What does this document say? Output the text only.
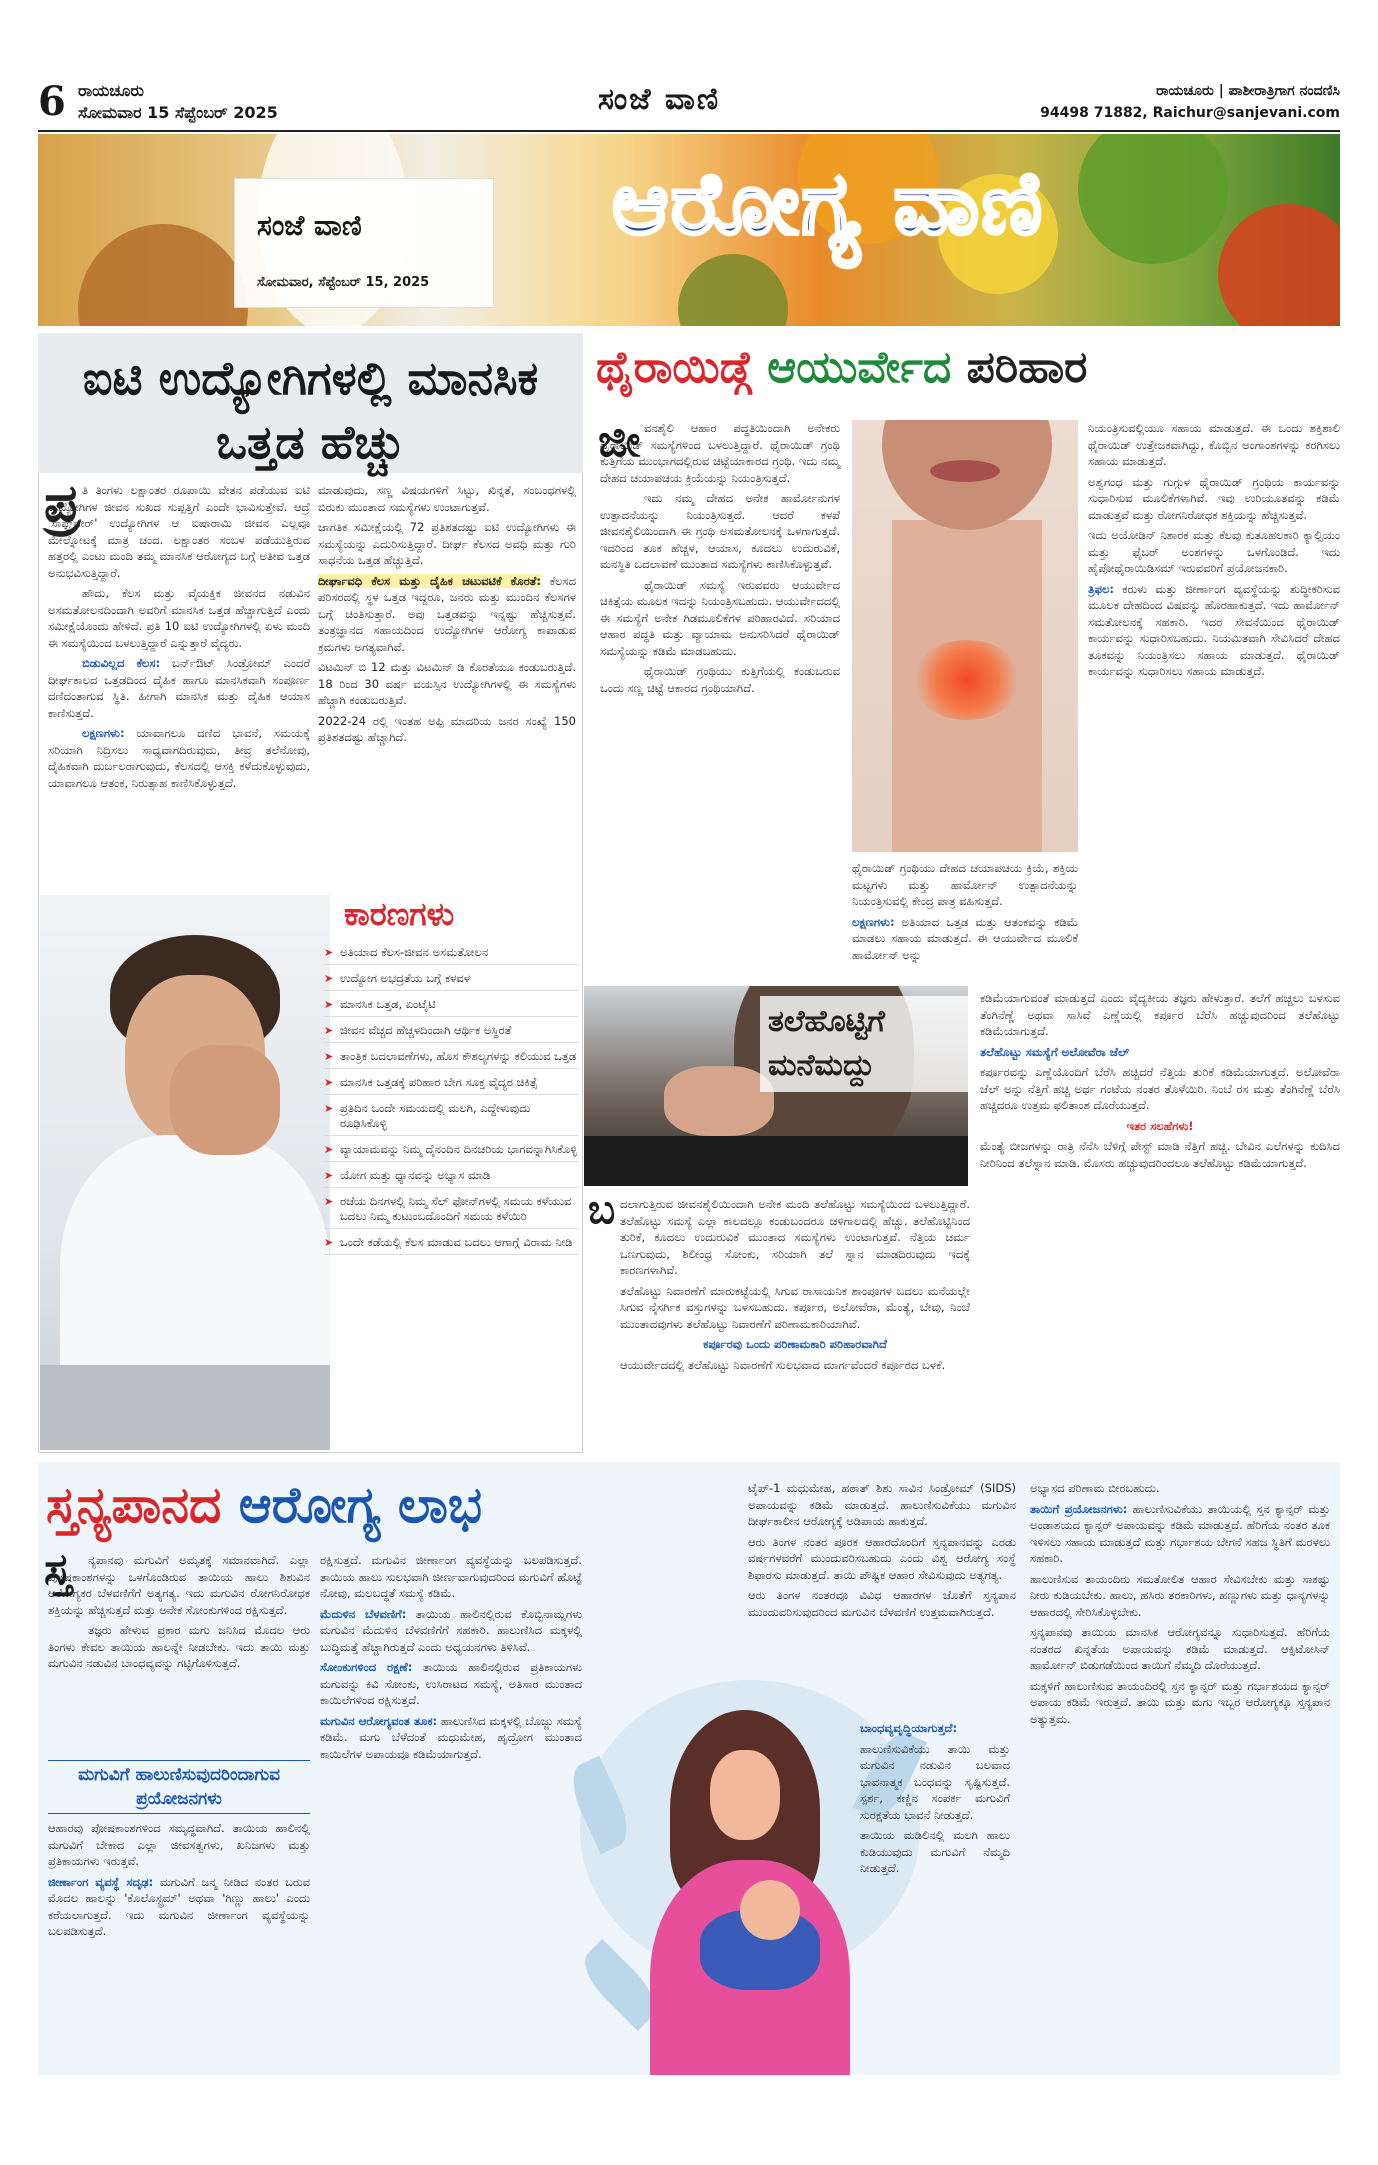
6 ರಾಯಚೂರು
ಸೋಮವಾರ 15 ಸೆಪ್ಟೆಂಬರ್ 2025	ಸಂಜೆ ವಾಣಿ	ರಾಯಚೂರು | ಪಾಶೀರಾತ್ರಿಗಾಗ ನಂದಣಿಸಿ
94498 71882, Raichur@sanjevani.com
ಸಂಜೆ ವಾಣಿ
ಸೋಮವಾರ, ಸೆಪ್ಟೆಂಬರ್ 15, 2025
ಆರೋಗ್ಯ ವಾಣಿ
ಐಟಿ ಉದ್ಯೋಗಿಗಳಲ್ಲಿ ಮಾನಸಿಕ ಒತ್ತಡ ಹೆಚ್ಚು
ಪ್ರ ತಿ ತಿಂಗಳು ಲಕ್ಷಾಂತರ ರೂಪಾಯಿ ವೇತನ ಪಡೆಯುವ ಐಟಿ ಉದ್ಯೋಗಿಗಳ ಜೀವನ ಸುಖದ ಸುಪ್ಪತ್ತಿಗೆ ಎಂದೇ ಭಾವಿಸುತ್ತೇವೆ. ಆದ್ರೆ 'ಸಾಫ್ಟ್‌ವೇರ್' ಉದ್ಯೋಗಿಗಳ ಆ ಐಷಾರಾಮಿ ಜೀವನ ಎಲ್ಲವೂ ಮೇಲ್ನೋಟಕ್ಕೆ ಮಾತ್ರ ಚಂದ. ಲಕ್ಷಾಂತರ ಸಂಬಳ ಪಡೆಯುತ್ತಿರುವ ಹತ್ತರಲ್ಲಿ ಎಂಟು ಮಂದಿ ತಮ್ಮ ಮಾನಸಿಕ ಆರೋಗ್ಯದ ಬಗ್ಗೆ ಅತೀವ ಒತ್ತಡ ಅನುಭವಿಸುತ್ತಿದ್ದಾರೆ.

ಹೌದು, ಕೆಲಸ ಮತ್ತು ವೈಯಕ್ತಿಕ ಜೀವನದ ನಡುವಿನ ಅಸಮತೋಲನದಿಂದಾಗಿ ಅವರಿಗೆ ಮಾನಸಿಕ ಒತ್ತಡ ಹೆಚ್ಚಾಗುತ್ತಿದೆ ಎಂದು ಸಮೀಕ್ಷೆಯೊಂದು ಹೇಳಿದೆ. ಪ್ರತಿ 10 ಐಟಿ ಉದ್ಯೋಗಿಗಳಲ್ಲಿ ಏಳು ಮಂದಿ ಈ ಸಮಸ್ಯೆಯಿಂದ ಬಳಲುತ್ತಿದ್ದಾರೆ ಎನ್ನುತ್ತಾರೆ ವೈದ್ಯರು.

ಬಿಡುವಿಲ್ಲದ ಕೆಲಸ: ಬರ್ನ್‌ಔಟ್ ಸಿಂಡ್ರೋಮ್ ಎಂದರೆ ದೀರ್ಘಕಾಲದ ಒತ್ತಡದಿಂದ ದೈಹಿಕ ಹಾಗೂ ಮಾನಸಿಕವಾಗಿ ಸಂಪೂರ್ಣ ದಣಿದಂತಾಗುವ ಸ್ಥಿತಿ. ಹೀಗಾಗಿ ಮಾನಸಿಕ ಮತ್ತು ದೈಹಿಕ ಆಯಾಸ ಕಾಣಿಸುತ್ತದೆ.

ಲಕ್ಷಣಗಳು: ಯಾವಾಗಲೂ ದಣಿದ ಭಾವನೆ, ಸಮಯಕ್ಕೆ ಸರಿಯಾಗಿ ನಿದ್ರಿಸಲು ಸಾಧ್ಯವಾಗದಿರುವುದು, ತೀವ್ರ ತಲೆನೋವು, ದೈಹಿಕವಾಗಿ ದುರ್ಬಲರಾಗುವುದು, ಕೆಲಸದಲ್ಲಿ ಆಸಕ್ತಿ ಕಳೆದುಕೊಳ್ಳುವುದು, ಯಾವಾಗಲೂ ಆತಂಕ, ನಿರುತ್ಸಾಹ ಕಾಣಿಸಿಕೊಳ್ಳುತ್ತದೆ.

ಮಾಡುವುದು, ಸಣ್ಣ ವಿಷಯಗಳಿಗೆ ಸಿಟ್ಟು, ಖಿನ್ನತೆ, ಸಂಬಂಧಗಳಲ್ಲಿ ಬಿರುಕು ಮುಂತಾದ ಸಮಸ್ಯೆಗಳು ಉಂಟಾಗುತ್ತವೆ.

ಜಾಗತಿಕ ಸಮೀಕ್ಷೆಯಲ್ಲಿ 72 ಪ್ರತಿಶತದಷ್ಟು ಐಟಿ ಉದ್ಯೋಗಿಗಳು ಈ ಸಮಸ್ಯೆಯನ್ನು ಎದುರಿಸುತ್ತಿದ್ದಾರೆ. ದೀರ್ಘ ಕೆಲಸದ ಅವಧಿ ಮತ್ತು ಗುರಿ ಸಾಧನೆಯ ಒತ್ತಡ ಹೆಚ್ಚುತ್ತಿದೆ.

ದೀರ್ಘಾವಧಿ ಕೆಲಸ ಮತ್ತು ದೈಹಿಕ ಚಟುವಟಿಕೆ ಕೊರತೆ: ಕೆಲಸದ ಪರಿಸರದಲ್ಲಿ ಸ್ಥಳ ಒತ್ತಡ ಇದ್ದರೂ, ಜನರು ಮತ್ತು ಮುಂದಿನ ಕೆಲಸಗಳ ಬಗ್ಗೆ ಚಿಂತಿಸುತ್ತಾರೆ. ಅವು ಒತ್ತಡವನ್ನು ಇನ್ನಷ್ಟು ಹೆಚ್ಚಿಸುತ್ತವೆ. ತಂತ್ರಜ್ಞಾನದ ಸಹಾಯದಿಂದ ಉದ್ಯೋಗಿಗಳ ಆರೋಗ್ಯ ಕಾಪಾಡುವ ಕ್ರಮಗಳು ಅಗತ್ಯವಾಗಿವೆ.

ವಿಟಮಿನ್ ಬಿ 12 ಮತ್ತು ವಿಟಮಿನ್ ಡಿ ಕೊರತೆಯೂ ಕಂಡುಬರುತ್ತಿದೆ. 18 ರಿಂದ 30 ವರ್ಷ ವಯಸ್ಸಿನ ಉದ್ಯೋಗಿಗಳಲ್ಲಿ ಈ ಸಮಸ್ಯೆಗಳು ಹೆಚ್ಚಾಗಿ ಕಂಡುಬರುತ್ತಿವೆ.

2022-24 ರಲ್ಲಿ ಇಂತಹ ಅಪ್ಪಿ ಮಾದರಿಯ ಜನರ ಸಂಖ್ಯೆ 150 ಪ್ರತಿಶತದಷ್ಟು ಹೆಚ್ಚಾಗಿದೆ.

ಕಾರಣಗಳು
➤ ಅತಿಯಾದ ಕೆಲಸ-ಜೀವನ ಅಸಮತೋಲನ
➤ ಉದ್ಯೋಗ ಅಭದ್ರತೆಯ ಬಗ್ಗೆ ಕಳವಳ
➤ ಮಾನಸಿಕ ಒತ್ತಡ, ಏಂಟೈಟಿ
➤ ಜೀವನ ವೆಚ್ಚದ ಹೆಚ್ಚಳದಿಂದಾಗಿ ಆರ್ಥಿಕ ಅಸ್ಥಿರತೆ
➤ ತಾಂತ್ರಿಕ ಬದಲಾವಣೆಗಳು, ಹೊಸ ಕೌಶಲ್ಯಗಳನ್ನು ಕಲಿಯುವ ಒತ್ತಡ
➤ ಮಾನಸಿಕ ಒತ್ತಡಕ್ಕೆ ಪರಿಹಾರ ಬೇಗ ಸೂಕ್ತ ವೈದ್ಯರ ಚಿಕಿತ್ಸೆ
➤ ಪ್ರತಿದಿನ ಒಂದೇ ಸಮಯದಲ್ಲಿ ಮಲಗಿ, ಎದ್ದೇಳುವುದು ರೂಢಿಸಿಕೊಳ್ಳಿ
➤ ವ್ಯಾಯಾಮವನ್ನು ನಿಮ್ಮ ದೈನಂದಿನ ದಿನಚರಿಯ ಭಾಗವನ್ನಾಗಿಸಿಕೊಳ್ಳಿ
➤ ಯೋಗ ಮತ್ತು ಧ್ಯಾನವನ್ನು ಅಭ್ಯಾಸ ಮಾಡಿ
➤ ರಜೆಯ ದಿನಗಳಲ್ಲಿ ನಿಮ್ಮ ಸೆಲ್ ಫೋನ್‌ಗಳಲ್ಲಿ ಸಮಯ ಕಳೆಯುವ ಬದಲು ನಿಮ್ಮ ಕುಟುಂಬದೊಂದಿಗೆ ಸಮಯ ಕಳೆಯಿರಿ
➤ ಒಂದೇ ಕಡೆಯಲ್ಲಿ ಕೆಲಸ ಮಾಡುವ ಬದಲು ಆಗಾಗ್ಗೆ ವಿರಾಮ ನೀಡಿ
ಥೈರಾಯಿಡ್ಗೆ ಆಯುರ್ವೇದ ಪರಿಹಾರ
ಜೀ ವನಶೈಲಿ ಆಹಾರ ಪದ್ಧತಿಯಿಂದಾಗಿ ಅನೇಕರು ಥೈರಾಯಿಡ್ ಸಮಸ್ಯೆಗಳಿಂದ ಬಳಲುತ್ತಿದ್ದಾರೆ. ಥೈರಾಯಿಡ್ ಗ್ರಂಥಿ ಕುತ್ತಿಗೆಯ ಮುಂಭಾಗದಲ್ಲಿರುವ ಚಿಟ್ಟೆಯಾಕಾರದ ಗ್ರಂಥಿ. ಇದು ನಮ್ಮ ದೇಹದ ಚಯಾಪಚಯ ಕ್ರಿಯೆಯನ್ನು ನಿಯಂತ್ರಿಸುತ್ತದೆ.

ಇದು ನಮ್ಮ ದೇಹದ ಅನೇಕ ಹಾರ್ಮೋನುಗಳ ಉತ್ಪಾದನೆಯನ್ನು ನಿಯಂತ್ರಿಸುತ್ತದೆ. ಆದರೆ ಕಳಪೆ ಜೀವನಶೈಲಿಯಿಂದಾಗಿ ಈ ಗ್ರಂಥಿ ಅಸಮತೋಲನಕ್ಕೆ ಒಳಗಾಗುತ್ತದೆ. ಇದರಿಂದ ತೂಕ ಹೆಚ್ಚಳ, ಆಯಾಸ, ಕೂದಲು ಉದುರುವಿಕೆ, ಮನಸ್ಥಿತಿ ಬದಲಾವಣೆ ಮುಂತಾದ ಸಮಸ್ಯೆಗಳು ಕಾಣಿಸಿಕೊಳ್ಳುತ್ತವೆ.

ಥೈರಾಯಿಡ್ ಸಮಸ್ಯೆ ಇರುವವರು ಆಯುರ್ವೇದ ಚಿಕಿತ್ಸೆಯ ಮೂಲಕ ಇದನ್ನು ನಿಯಂತ್ರಿಸಬಹುದು. ಆಯುರ್ವೇದದಲ್ಲಿ ಈ ಸಮಸ್ಯೆಗೆ ಅನೇಕ ಗಿಡಮೂಲಿಕೆಗಳ ಪರಿಹಾರವಿದೆ. ಸರಿಯಾದ ಆಹಾರ ಪದ್ಧತಿ ಮತ್ತು ವ್ಯಾಯಾಮ ಅನುಸರಿಸಿದರೆ ಥೈರಾಯಿಡ್ ಸಮಸ್ಯೆಯನ್ನು ಕಡಿಮೆ ಮಾಡಬಹುದು.

ಥೈರಾಯಿಡ್ ಗ್ರಂಥಿಯು ಕುತ್ತಿಗೆಯಲ್ಲಿ ಕಂಡುಬರುವ ಒಂದು ಸಣ್ಣ ಚಿಟ್ಟೆ ಆಕಾರದ ಗ್ರಂಥಿಯಾಗಿದೆ.

ಥೈರಾಯಿಡ್ ಗ್ರಂಥಿಯು ದೇಹದ ಚಯಾಪಚಯ ಕ್ರಿಯೆ, ಶಕ್ತಿಯ ಮಟ್ಟಗಳು ಮತ್ತು ಹಾರ್ಮೋನ್ ಉತ್ಪಾದನೆಯನ್ನು ನಿಯಂತ್ರಿಸುವಲ್ಲಿ ಕೇಂದ್ರ ಪಾತ್ರ ವಹಿಸುತ್ತದೆ.

ಲಕ್ಷಣಗಳು: ಅತಿಯಾದ ಒತ್ತಡ ಮತ್ತು ಆತಂಕವನ್ನು ಕಡಿಮೆ ಮಾಡಲು ಸಹಾಯ ಮಾಡುತ್ತದೆ. ಈ ಆಯುರ್ವೇದ ಮೂಲಿಕೆ ಹಾರ್ಮೋನ್ ಅನ್ನು

ನಿಯಂತ್ರಿಸುವಲ್ಲಿಯೂ ಸಹಾಯ ಮಾಡುತ್ತದೆ. ಈ ಒಂದು ಶಕ್ತಿಶಾಲಿ ಥೈರಾಯಿಡ್ ಉತ್ತೇಜಕವಾಗಿದ್ದು, ಕೊಬ್ಬಿನ ಅಂಗಾಂಶಗಳನ್ನು ಕರಗಿಸಲು ಸಹಾಯ ಮಾಡುತ್ತದೆ.

ಅಶ್ವಗಂಧ ಮತ್ತು ಗುಗ್ಗುಳ ಥೈರಾಯಿಡ್ ಗ್ರಂಥಿಯ ಕಾರ್ಯವನ್ನು ಸುಧಾರಿಸುವ ಮೂಲಿಕೆಗಳಾಗಿವೆ. ಇವು ಉರಿಯೂತವನ್ನು ಕಡಿಮೆ ಮಾಡುತ್ತವೆ ಮತ್ತು ರೋಗನಿರೋಧಕ ಶಕ್ತಿಯನ್ನು ಹೆಚ್ಚಿಸುತ್ತವೆ.

ಇದು ಅಯೋಡಿನ್ ನಿಶಾರಕ ಮತ್ತು ಕೆಲವು ಕುತೂಹಲಕಾರಿ ಕ್ಯಾಲ್ಸಿಯಂ ಮತ್ತು ಫೈಬರ್ ಅಂಶಗಳನ್ನು ಒಳಗೊಂಡಿದೆ. ಇದು ಹೈಪೋಥೈರಾಯಿಡಿಸಮ್ ಇರುವವರಿಗೆ ಪ್ರಯೋಜನಕಾರಿ.

ತ್ರಿಫಲ: ಕರುಳು ಮತ್ತು ಜೀರ್ಣಾಂಗ ವ್ಯವಸ್ಥೆಯನ್ನು ಶುದ್ಧೀಕರಿಸುವ ಮೂಲಕ ದೇಹದಿಂದ ವಿಷವನ್ನು ಹೊರಹಾಕುತ್ತದೆ. ಇದು ಹಾರ್ಮೋನ್ ಸಮತೋಲನಕ್ಕೆ ಸಹಕಾರಿ. ಇದರ ಸೇವನೆಯಿಂದ ಥೈರಾಯಿಡ್ ಕಾರ್ಯವನ್ನು ಸುಧಾರಿಸಬಹುದು. ನಿಯಮಿತವಾಗಿ ಸೇವಿಸಿದರೆ ದೇಹದ ತೂಕವನ್ನು ನಿಯಂತ್ರಿಸಲು ಸಹಾಯ ಮಾಡುತ್ತದೆ. ಥೈರಾಯಿಡ್ ಕಾರ್ಯವನ್ನು ಸುಧಾರಿಸಲು ಸಹಾಯ ಮಾಡುತ್ತದೆ.

ತಲೆಹೊಟ್ಟಿಗೆ ಮನೆಮದ್ದು

ಕಡಿಮೆಯಾಗುವಂತೆ ಮಾಡುತ್ತದೆ ಎಂದು ವೈದ್ಯಕೀಯ ತಜ್ಞರು ಹೇಳುತ್ತಾರೆ. ತಲೆಗೆ ಹಚ್ಚಲು ಬಳಸುವ ತೆಂಗಿನೆಣ್ಣೆ ಅಥವಾ ಸಾಸಿವೆ ಎಣ್ಣೆಯಲ್ಲಿ ಕರ್ಪೂರ ಬೆರೆಸಿ ಹಚ್ಚುವುದರಿಂದ ತಲೆಹೊಟ್ಟು ಕಡಿಮೆಯಾಗುತ್ತದೆ.

ತಲೆಹೊಟ್ಟು ಸಮಸ್ಯೆಗೆ ಅಲೋವೆರಾ ಜೆಲ್

ಕರ್ಪೂರವನ್ನು ಎಣ್ಣೆಯೊಂದಿಗೆ ಬೆರೆಸಿ ಹಚ್ಚಿದರೆ ನೆತ್ತಿಯ ತುರಿಕೆ ಕಡಿಮೆಯಾಗುತ್ತದೆ. ಅಲೋವೆರಾ ಜೆಲ್ ಅನ್ನು ನೆತ್ತಿಗೆ ಹಚ್ಚಿ ಅರ್ಧ ಗಂಟೆಯ ನಂತರ ತೊಳೆಯಿರಿ. ನಿಂಬೆ ರಸ ಮತ್ತು ತೆಂಗಿನೆಣ್ಣೆ ಬೆರೆಸಿ ಹಚ್ಚಿದರೂ ಉತ್ತಮ ಫಲಿತಾಂಶ ದೊರೆಯುತ್ತದೆ.

ಇತರ ಸಲಹೆಗಳು!

ಮೆಂತ್ಯೆ ಬೀಜಗಳನ್ನು ರಾತ್ರಿ ನೆನೆಸಿ ಬೆಳಿಗ್ಗೆ ಪೇಸ್ಟ್ ಮಾಡಿ ನೆತ್ತಿಗೆ ಹಚ್ಚಿ. ಬೇವಿನ ಎಲೆಗಳನ್ನು ಕುದಿಸಿದ ನೀರಿನಿಂದ ತಲೆಸ್ನಾನ ಮಾಡಿ. ಮೊಸರು ಹಚ್ಚುವುದರಿಂದಲೂ ತಲೆಹೊಟ್ಟು ಕಡಿಮೆಯಾಗುತ್ತದೆ.

ಬ ದಲಾಗುತ್ತಿರುವ ಜೀವನಶೈಲಿಯಿಂದಾಗಿ ಅನೇಕ ಮಂದಿ ತಲೆಹೊಟ್ಟು ಸಮಸ್ಯೆಯಿಂದ ಬಳಲುತ್ತಿದ್ದಾರೆ. ತಲೆಹೊಟ್ಟು ಸಮಸ್ಯೆ ಎಲ್ಲಾ ಕಾಲದಲ್ಲೂ ಕಂಡುಬಂದರೂ ಚಳಿಗಾಲದಲ್ಲಿ ಹೆಚ್ಚು. ತಲೆಹೊಟ್ಟಿನಿಂದ ತುರಿಕೆ, ಕೂದಲು ಉದುರುವಿಕೆ ಮುಂತಾದ ಸಮಸ್ಯೆಗಳು ಉಂಟಾಗುತ್ತವೆ. ನೆತ್ತಿಯ ಚರ್ಮ ಒಣಗುವುದು, ಶಿಲೀಂಧ್ರ ಸೋಂಕು, ಸರಿಯಾಗಿ ತಲೆ ಸ್ನಾನ ಮಾಡದಿರುವುದು ಇದಕ್ಕೆ ಕಾರಣಗಳಾಗಿವೆ.

ತಲೆಹೊಟ್ಟು ನಿವಾರಣೆಗೆ ಮಾರುಕಟ್ಟೆಯಲ್ಲಿ ಸಿಗುವ ರಾಸಾಯನಿಕ ಶಾಂಪೂಗಳ ಬದಲು ಮನೆಯಲ್ಲೇ ಸಿಗುವ ನೈಸರ್ಗಿಕ ವಸ್ತುಗಳನ್ನು ಬಳಸಬಹುದು. ಕರ್ಪೂರ, ಅಲೋವೆರಾ, ಮೆಂತ್ಯೆ, ಬೇವು, ನಿಂಬೆ ಮುಂತಾದವುಗಳು ತಲೆಹೊಟ್ಟು ನಿವಾರಣೆಗೆ ಪರಿಣಾಮಕಾರಿಯಾಗಿವೆ.

ಕರ್ಪೂರವು ಒಂದು ಪರಿಣಾಮಕಾರಿ ಪರಿಹಾರವಾಗಿದೆ

ಆಯುರ್ವೇದದಲ್ಲಿ ತಲೆಹೊಟ್ಟು ನಿವಾರಣೆಗೆ ಸುಲಭವಾದ ಮಾರ್ಗವೆಂದರೆ ಕರ್ಪೂರದ ಬಳಕೆ.

ಸ್ತನ್ಯಪಾನದ ಆರೋಗ್ಯ ಲಾಭ
ಸ್ತ	ನ್ಯಪಾನವು ಮಗುವಿಗೆ ಅಮೃತಕ್ಕೆ ಸಮಾನವಾಗಿದೆ. ಎಲ್ಲಾ ಪೋಷಕಾಂಶಗಳನ್ನು ಒಳಗೊಂಡಿರುವ ತಾಯಿಯ ಹಾಲು ಶಿಶುವಿನ ಆರೋಗ್ಯಕರ ಬೆಳವಣಿಗೆಗೆ ಅತ್ಯಗತ್ಯ. ಇದು ಮಗುವಿನ ರೋಗನಿರೋಧಕ ಶಕ್ತಿಯನ್ನು ಹೆಚ್ಚಿಸುತ್ತದೆ ಮತ್ತು ಅನೇಕ ಸೋಂಕುಗಳಿಂದ ರಕ್ಷಿಸುತ್ತದೆ.

ತಜ್ಞರು ಹೇಳುವ ಪ್ರಕಾರ ಮಗು ಜನಿಸಿದ ಮೊದಲ ಆರು ತಿಂಗಳು ಕೇವಲ ತಾಯಿಯ ಹಾಲನ್ನೇ ನೀಡಬೇಕು. ಇದು ತಾಯಿ ಮತ್ತು ಮಗುವಿನ ನಡುವಿನ ಬಾಂಧವ್ಯವನ್ನು ಗಟ್ಟಿಗೊಳಿಸುತ್ತದೆ.

ಮಗುವಿಗೆ ಹಾಲುಣಿಸುವುದರಿಂದಾಗುವ ಪ್ರಯೋಜನಗಳು

ಆಹಾರವು ಪೋಷಕಾಂಶಗಳಿಂದ ಸಮೃದ್ಧವಾಗಿದೆ. ತಾಯಿಯ ಹಾಲಿನಲ್ಲಿ ಮಗುವಿಗೆ ಬೇಕಾದ ಎಲ್ಲಾ ಜೀವಸತ್ವಗಳು, ಖನಿಜಗಳು ಮತ್ತು ಪ್ರತಿಕಾಯಗಳು ಇರುತ್ತವೆ.

ಜೀರ್ಣಾಂಗ ವ್ಯವಸ್ಥೆ ಸದೃಢ: ಮಗುವಿಗೆ ಜನ್ಮ ನೀಡಿದ ನಂತರ ಬರುವ ಮೊದಲ ಹಾಲನ್ನು 'ಕೊಲೊಸ್ಟ್ರಮ್' ಅಥವಾ 'ಗಿಣ್ಣು ಹಾಲು' ಎಂದು ಕರೆಯಲಾಗುತ್ತದೆ. ಇದು ಮಗುವಿನ ಜೀರ್ಣಾಂಗ ವ್ಯವಸ್ಥೆಯನ್ನು ಬಲಪಡಿಸುತ್ತದೆ.

ರಕ್ಷಿಸುತ್ತದೆ. ಮಗುವಿನ ಜೀರ್ಣಾಂಗ ವ್ಯವಸ್ಥೆಯನ್ನು ಬಲಪಡಿಸುತ್ತದೆ. ತಾಯಿಯ ಹಾಲು ಸುಲಭವಾಗಿ ಜೀರ್ಣವಾಗುವುದರಿಂದ ಮಗುವಿಗೆ ಹೊಟ್ಟೆ ನೋವು, ಮಲಬದ್ಧತೆ ಸಮಸ್ಯೆ ಕಡಿಮೆ.

ಮೆದುಳಿನ ಬೆಳವಣಿಗೆ: ತಾಯಿಯ ಹಾಲಿನಲ್ಲಿರುವ ಕೊಬ್ಬಿನಾಮ್ಲಗಳು ಮಗುವಿನ ಮೆದುಳಿನ ಬೆಳವಣಿಗೆಗೆ ಸಹಕಾರಿ. ಹಾಲುಣಿಸಿದ ಮಕ್ಕಳಲ್ಲಿ ಬುದ್ಧಿಮತ್ತೆ ಹೆಚ್ಚಾಗಿರುತ್ತದೆ ಎಂದು ಅಧ್ಯಯನಗಳು ತಿಳಿಸಿವೆ.

ಸೋಂಕುಗಳಿಂದ ರಕ್ಷಣೆ: ತಾಯಿಯ ಹಾಲಿನಲ್ಲಿರುವ ಪ್ರತಿಕಾಯಗಳು ಮಗುವನ್ನು ಕಿವಿ ಸೋಂಕು, ಉಸಿರಾಟದ ಸಮಸ್ಯೆ, ಅತಿಸಾರ ಮುಂತಾದ ಕಾಯಿಲೆಗಳಿಂದ ರಕ್ಷಿಸುತ್ತದೆ.

ಮಗುವಿನ ಆರೋಗ್ಯವಂತ ತೂಕ: ಹಾಲುಣಿಸಿದ ಮಕ್ಕಳಲ್ಲಿ ಬೊಜ್ಜು ಸಮಸ್ಯೆ ಕಡಿಮೆ. ಮಗು ಬೆಳೆದಂತೆ ಮಧುಮೇಹ, ಹೃದ್ರೋಗ ಮುಂತಾದ ಕಾಯಿಲೆಗಳ ಅಪಾಯವೂ ಕಡಿಮೆಯಾಗುತ್ತದೆ.

ಬಾಂಧವ್ಯವೃದ್ಧಿಯಾಗುತ್ತದೆ:

ಹಾಲುಣಿಸುವಿಕೆಯು ತಾಯಿ ಮತ್ತು ಮಗುವಿನ ನಡುವಿನ ಬಲವಾದ ಭಾವನಾತ್ಮಕ ಬಂಧವನ್ನು ಸೃಷ್ಟಿಸುತ್ತದೆ. ಸ್ಪರ್ಶ, ಕಣ್ಣಿನ ಸಂಪರ್ಕ ಮಗುವಿಗೆ ಸುರಕ್ಷತೆಯ ಭಾವನೆ ನೀಡುತ್ತದೆ.

ತಾಯಿಯ ಮಡಿಲಿನಲ್ಲಿ ಮಲಗಿ ಹಾಲು ಕುಡಿಯುವುದು ಮಗುವಿಗೆ ನೆಮ್ಮದಿ ನೀಡುತ್ತದೆ.

ಟೈಪ್-1 ಮಧುಮೇಹ, ಹಠಾತ್ ಶಿಶು ಸಾವಿನ ಸಿಂಡ್ರೋಮ್ (SIDS) ಅಪಾಯವನ್ನು ಕಡಿಮೆ ಮಾಡುತ್ತದೆ. ಹಾಲುಣಿಸುವಿಕೆಯು ಮಗುವಿನ ದೀರ್ಘಕಾಲೀನ ಆರೋಗ್ಯಕ್ಕೆ ಅಡಿಪಾಯ ಹಾಕುತ್ತದೆ.

ಆರು ತಿಂಗಳ ನಂತರ ಪೂರಕ ಆಹಾರದೊಂದಿಗೆ ಸ್ತನ್ಯಪಾನವನ್ನು ಎರಡು ವರ್ಷಗಳವರೆಗೆ ಮುಂದುವರಿಸಬಹುದು ಎಂದು ವಿಶ್ವ ಆರೋಗ್ಯ ಸಂಸ್ಥೆ ಶಿಫಾರಸು ಮಾಡುತ್ತದೆ. ತಾಯಿ ಪೌಷ್ಟಿಕ ಆಹಾರ ಸೇವಿಸುವುದು ಅತ್ಯಗತ್ಯ.

ಆರು ತಿಂಗಳ ನಂತರವೂ ವಿವಿಧ ಆಹಾರಗಳ ಜೊತೆಗೆ ಸ್ತನ್ಯಪಾನ ಮುಂದುವರಿಸುವುದರಿಂದ ಮಗುವಿನ ಬೆಳವಣಿಗೆ ಉತ್ತಮವಾಗಿರುತ್ತದೆ.

ಅಭ್ಯಾಸದ ಪರಿಣಾಮ ಬೀರಬಹುದು.

ತಾಯಿಗೆ ಪ್ರಯೋಜನಗಳು: ಹಾಲುಣಿಸುವಿಕೆಯು ತಾಯಿಯಲ್ಲಿ ಸ್ತನ ಕ್ಯಾನ್ಸರ್ ಮತ್ತು ಅಂಡಾಶಯದ ಕ್ಯಾನ್ಸರ್ ಅಪಾಯವನ್ನು ಕಡಿಮೆ ಮಾಡುತ್ತದೆ. ಹೆರಿಗೆಯ ನಂತರ ತೂಕ ಇಳಿಸಲು ಸಹಾಯ ಮಾಡುತ್ತದೆ ಮತ್ತು ಗರ್ಭಾಶಯ ಬೇಗನೆ ಸಹಜ ಸ್ಥಿತಿಗೆ ಮರಳಲು ಸಹಕಾರಿ.

ಹಾಲುಣಿಸುವ ತಾಯಂದಿರು ಸಮತೋಲಿತ ಆಹಾರ ಸೇವಿಸಬೇಕು ಮತ್ತು ಸಾಕಷ್ಟು ನೀರು ಕುಡಿಯಬೇಕು. ಹಾಲು, ಹಸಿರು ತರಕಾರಿಗಳು, ಹಣ್ಣುಗಳು ಮತ್ತು ಧಾನ್ಯಗಳನ್ನು ಆಹಾರದಲ್ಲಿ ಸೇರಿಸಿಕೊಳ್ಳಬೇಕು.

ಸ್ತನ್ಯಪಾನವು ತಾಯಿಯ ಮಾನಸಿಕ ಆರೋಗ್ಯವನ್ನೂ ಸುಧಾರಿಸುತ್ತದೆ. ಹೆರಿಗೆಯ ನಂತರದ ಖಿನ್ನತೆಯ ಅಪಾಯವನ್ನು ಕಡಿಮೆ ಮಾಡುತ್ತದೆ. ಆಕ್ಸಿಟೋಸಿನ್ ಹಾರ್ಮೋನ್ ಬಿಡುಗಡೆಯಿಂದ ತಾಯಿಗೆ ನೆಮ್ಮದಿ ದೊರೆಯುತ್ತದೆ.

ಮಕ್ಕಳಿಗೆ ಹಾಲುಣಿಸುವ ತಾಯಂದಿರಲ್ಲಿ ಸ್ತನ ಕ್ಯಾನ್ಸರ್ ಮತ್ತು ಗರ್ಭಾಶಯದ ಕ್ಯಾನ್ಸರ್ ಅಪಾಯ ಕಡಿಮೆ ಇರುತ್ತದೆ. ತಾಯಿ ಮತ್ತು ಮಗು ಇಬ್ಬರ ಆರೋಗ್ಯಕ್ಕೂ ಸ್ತನ್ಯಪಾನ ಅತ್ಯುತ್ತಮ.
